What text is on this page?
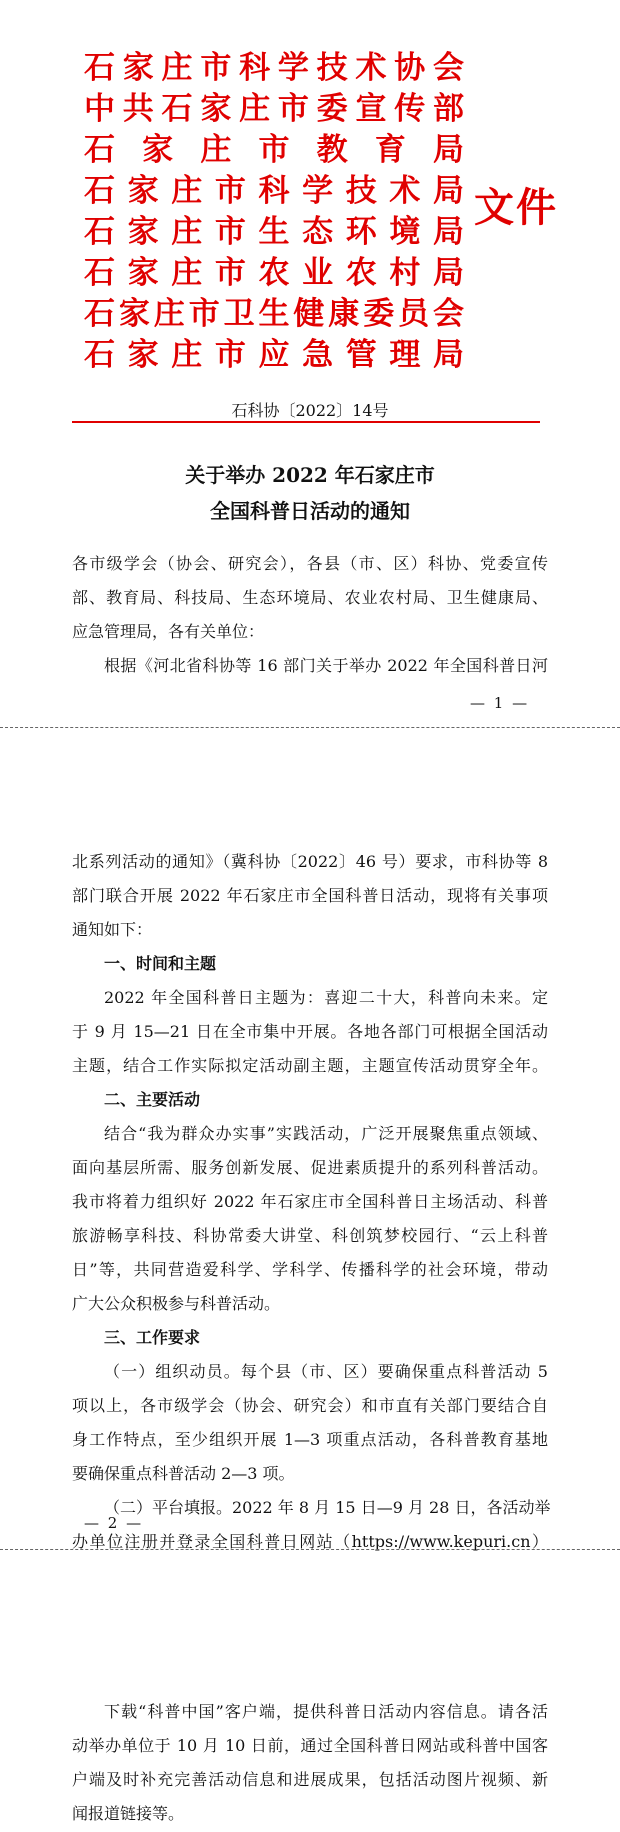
石家庄市科学技术协会
中共石家庄市委宣传部
石家庄市教育局
石家庄市科学技术局
石家庄市生态环境局
石家庄市农业农村局
石家庄市卫生健康委员会
石家庄市应急管理局
文件
石科协〔2022〕14号
关于举办 2022 年石家庄市
全国科普日活动的通知
各市级学会（协会、研究会），各县（市、区）科协、党委宣传
部、教育局、科技局、生态环境局、农业农村局、卫生健康局、
应急管理局，各有关单位：
根据《河北省科协等 16 部门关于举办 2022 年全国科普日河
— 1 —
北系列活动的通知》（冀科协〔2022〕46 号）要求，市科协等 8
部门联合开展 2022 年石家庄市全国科普日活动，现将有关事项
通知如下：
一、时间和主题
2022 年全国科普日主题为：喜迎二十大，科普向未来。定
于 9 月 15—21 日在全市集中开展。各地各部门可根据全国活动
主题，结合工作实际拟定活动副主题，主题宣传活动贯穿全年。
二、主要活动
结合“我为群众办实事”实践活动，广泛开展聚焦重点领域、
面向基层所需、服务创新发展、促进素质提升的系列科普活动。
我市将着力组织好 2022 年石家庄市全国科普日主场活动、科普
旅游畅享科技、科协常委大讲堂、科创筑梦校园行、“云上科普
日”等，共同营造爱科学、学科学、传播科学的社会环境，带动
广大公众积极参与科普活动。
三、工作要求
（一）组织动员。每个县（市、区）要确保重点科普活动 5
项以上，各市级学会（协会、研究会）和市直有关部门要结合自
身工作特点，至少组织开展 1—3 项重点活动，各科普教育基地
要确保重点科普活动 2—3 项。
（二）平台填报。2022 年 8 月 15 日—9 月 28 日，各活动举
办单位注册并登录全国科普日网站（https://www.kepuri.cn）
— 2 —
下载“科普中国”客户端，提供科普日活动内容信息。请各活
动举办单位于 10 月 10 日前，通过全国科普日网站或科普中国客
户端及时补充完善活动信息和进展成果，包括活动图片视频、新
闻报道链接等。
